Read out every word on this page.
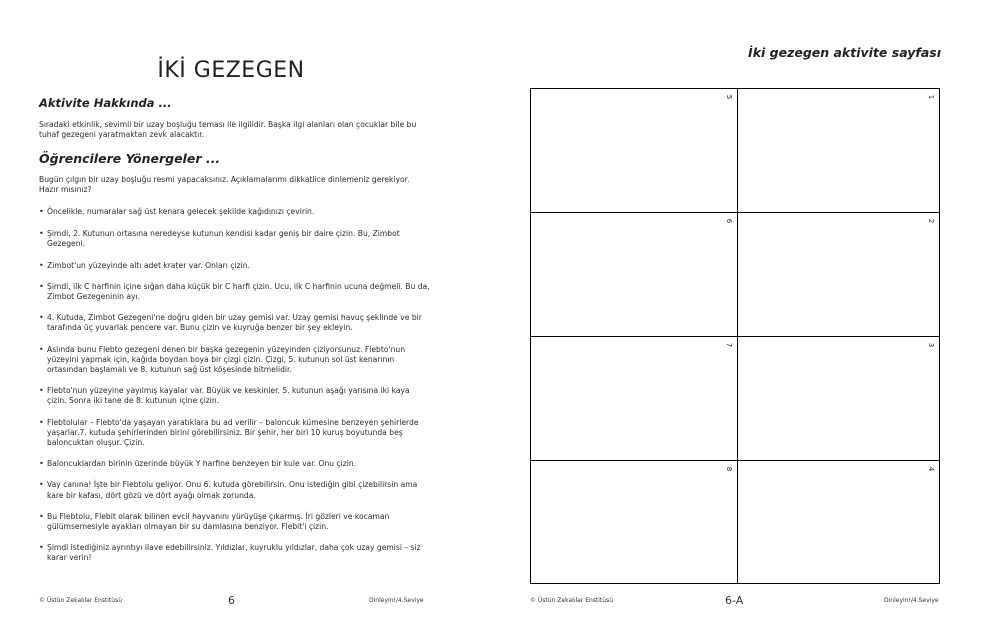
İKİ GEZEGEN
Aktivite Hakkında ...
Sıradaki etkinlik, sevimli bir uzay boşluğu teması ile ilgilidir. Başka ilgi alanları olan çocuklar bile bu tuhaf gezegeni yaratmaktan zevk alacaktır.
Öğrencilere Yönergeler ...
Bugün çılgın bir uzay boşluğu resmi yapacaksınız. Açıklamalarımı dikkatlice dinlemeniz gerekiyor. Hazır mısınız?
• Öncelikle, numaralar sağ üst kenara gelecek şekilde kağıdınızı çevirin.
• Şimdi, 2. Kutunun ortasına neredeyse kutunun kendisi kadar geniş bir daire çizin. Bu, Zimbot Gezegeni.
• Zimbot'un yüzeyinde altı adet krater var. Onları çizin.
• Şimdi, ilk C harfinin içine sığan daha küçük bir C harfi çizin. Ucu, ilk C harfinin ucuna değmeli. Bu da, Zimbot Gezegeninin ayı.
• 4. Kutuda, Zimbot Gezegeni'ne doğru giden bir uzay gemisi var. Uzay gemisi havuç şeklinde ve bir tarafında üç yuvarlak pencere var. Bunu çizin ve kuyruğa benzer bir şey ekleyin.
• Aslında bunu Flebto gezegeni denen bir başka gezegenin yüzeyinden çiziyorsunuz. Flebto'nun yüzeyini yapmak için, kağıda boydan boya bir çizgi çizin. Çizgi, 5. kutunun sol üst kenarının ortasından başlamalı ve 8. kutunun sağ üst köşesinde bitmelidir.
• Flebto'nun yüzeyine yayılmış kayalar var. Büyük ve keskinler. 5. kutunun aşağı yarısına iki kaya çizin. Sonra iki tane de 8. kutunun içine çizin.
• Flebtolular – Flebto'da yaşayan yaratıklara bu ad verilir – baloncuk kümesine benzeyen şehirlerde yaşarlar.7. kutuda şehirlerinden birini görebilirsiniz. Bir şehir, her biri 10 kuruş boyutunda beş baloncuktan oluşur. Çizin.
• Baloncuklardan birinin üzerinde büyük Y harfine benzeyen bir kule var. Onu çizin.
• Vay canına! İşte bir Flebtolu geliyor. Onu 6. kutuda görebilirsin. Onu istediğin gibi çizebilirsin ama kare bir kafası, dört gözü ve dört ayağı olmak zorunda.
• Bu Flebtolu, Flebit olarak bilinen evcil hayvanını yürüyüşe çıkarmış. İri gözleri ve kocaman gülümsemesiyle ayakları olmayan bir su damlasına benziyor. Flebit'i çizin.
• Şimdi istediğiniz ayrıntıyı ilave edebilirsiniz. Yıldızlar, kuyruklu yıldızlar, daha çok uzay gemisi – siz karar verin!
© Üstün Zekalılar Enstitüsü	6	Dinleyin!/4.Seviye
İki gezegen aktivite sayfası
5	1
6	2
7	3
8	4
© Üstün Zekalılar Enstitüsü	6-A	Dinleyin!/4.Seviye
